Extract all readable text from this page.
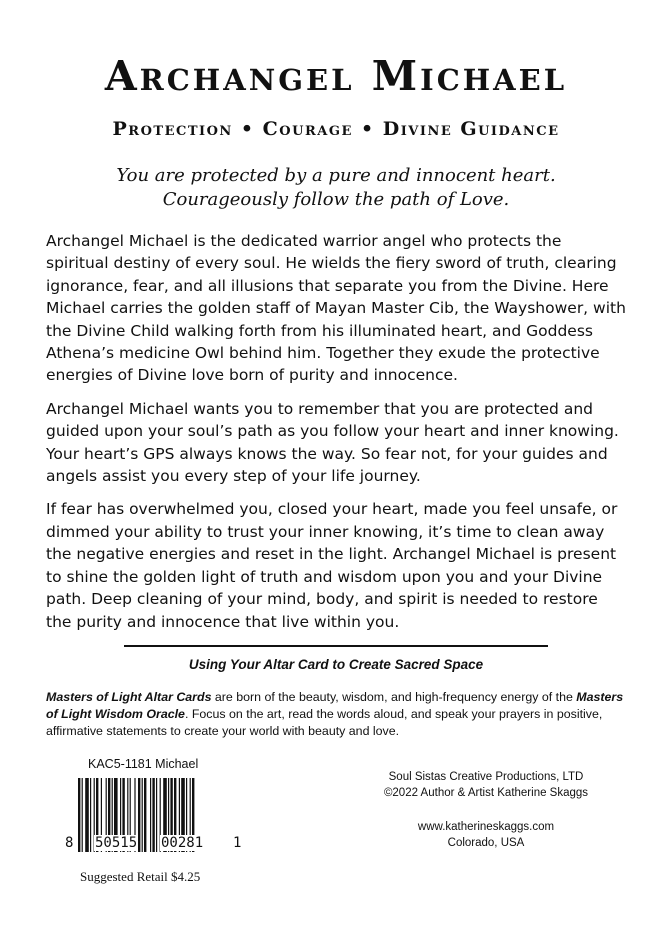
Archangel Michael
Protection • Courage • Divine Guidance
You are protected by a pure and innocent heart.
Courageously follow the path of Love.

Archangel Michael is the dedicated warrior angel who protects the spiritual destiny of every soul. He wields the fiery sword of truth, clearing ignorance, fear, and all illusions that separate you from the Divine. Here Michael carries the golden staff of Mayan Master Cib, the Wayshower, with the Divine Child walking forth from his illuminated heart, and Goddess Athena’s medicine Owl behind him. Together they exude the protective energies of Divine love born of purity and innocence.

Archangel Michael wants you to remember that you are protected and guided upon your soul’s path as you follow your heart and inner knowing. Your heart’s GPS always knows the way. So fear not, for your guides and angels assist you every step of your life journey.

If fear has overwhelmed you, closed your heart, made you feel unsafe, or dimmed your ability to trust your inner knowing, it’s time to clean away the negative energies and reset in the light. Archangel Michael is present to shine the golden light of truth and wisdom upon you and your Divine path. Deep cleaning of your mind, body, and spirit is needed to restore the purity and innocence that live within you.

Using Your Altar Card to Create Sacred Space
Masters of Light Altar Cards are born of the beauty, wisdom, and high-frequency energy of the Masters of Light Wisdom Oracle. Focus on the art, read the words aloud, and speak your prayers in positive, affirmative statements to create your world with beauty and love.
KAC5-1181 Michael
8 50515 00281 1
Suggested Retail $4.25
Soul Sistas Creative Productions, LTD
©2022 Author & Artist Katherine Skaggs
www.katherineskaggs.com
Colorado, USA
